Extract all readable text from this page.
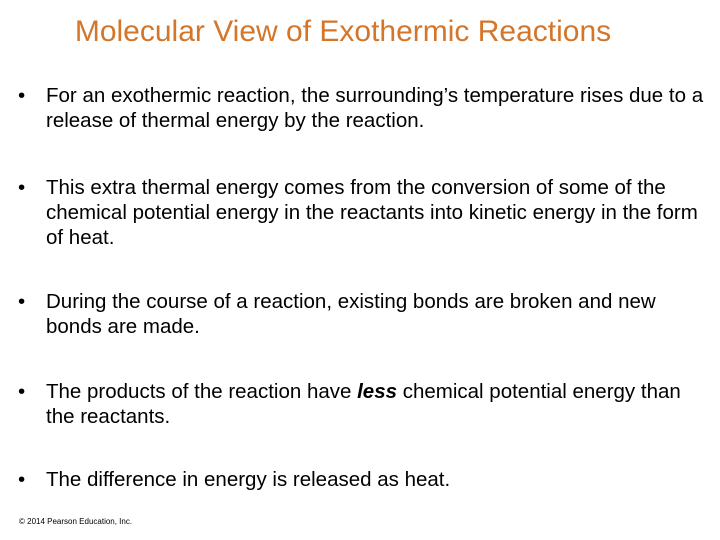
Molecular View of Exothermic Reactions
•	For an exothermic reaction, the surrounding’s temperature rises due to a release of thermal energy by the reaction.
•	This extra thermal energy comes from the conversion of some of the chemical potential energy in the reactants into kinetic energy in the form of heat.
•	During the course of a reaction, existing bonds are broken and new bonds are made.
•	The products of the reaction have less chemical potential energy than the reactants.
•	The difference in energy is released as heat.
© 2014 Pearson Education, Inc.
